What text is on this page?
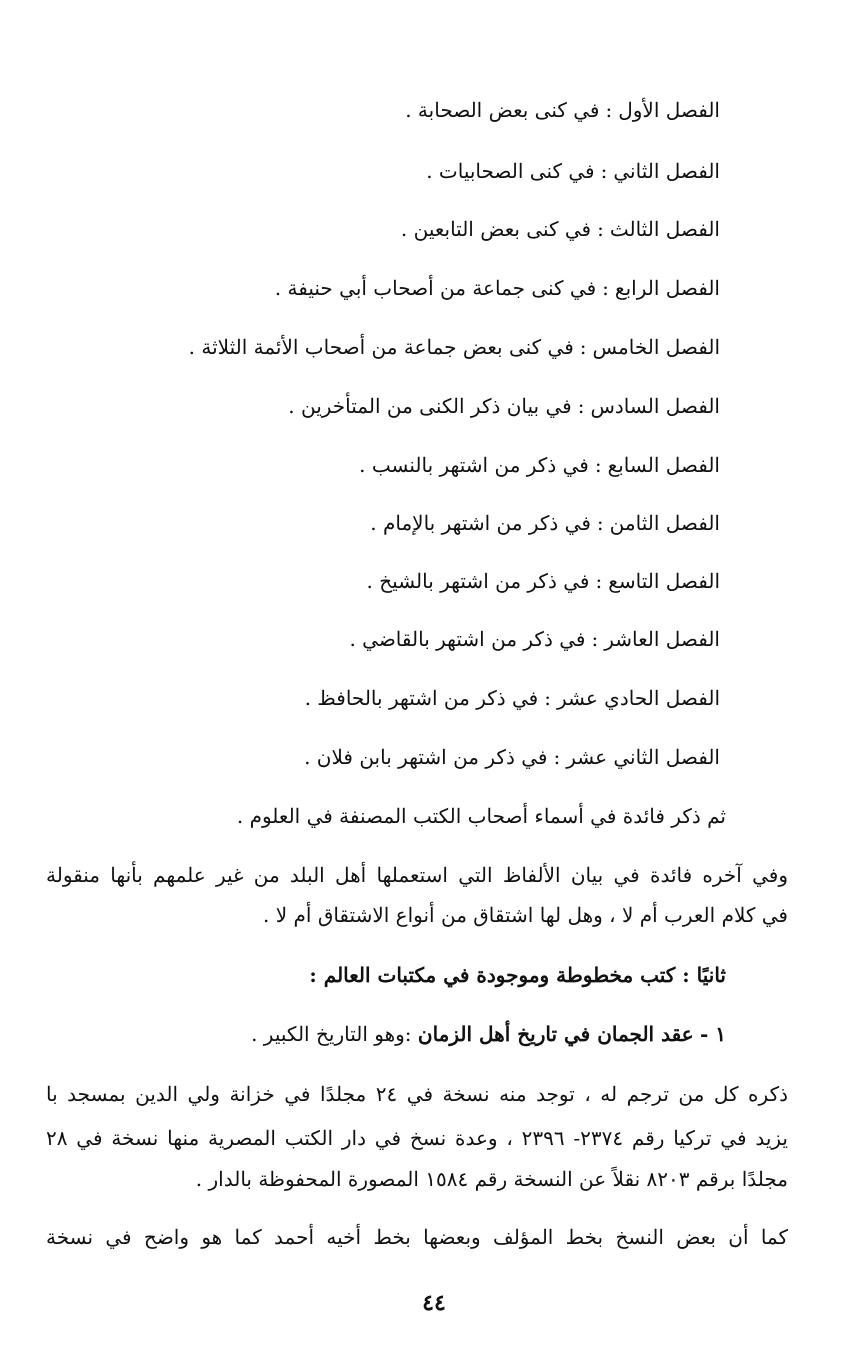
الفصل الأول:في كنى بعض الصحابة .
الفصل الثاني:في كنى الصحابيات .
الفصل الثالث:في كنى بعض التابعين .
الفصل الرابع:في كنى جماعة من أصحاب أبي حنيفة .
الفصل الخامس:في كنى بعض جماعة من أصحاب الأئمة الثلاثة .
الفصل السادس:في بيان ذكر الكنى من المتأخرين .
الفصل السابع:في ذكر من اشتهر بالنسب .
الفصل الثامن:في ذكر من اشتهر بالإمام .
الفصل التاسع:في ذكر من اشتهر بالشيخ .
الفصل العاشر:في ذكر من اشتهر بالقاضي .
الفصل الحادي عشر:في ذكر من اشتهر بالحافظ .
الفصل الثاني عشر:في ذكر من اشتهر بابن فلان .
ثم ذكر فائدة في أسماء أصحاب الكتب المصنفة في العلوم .
وفي آخره فائدة في بيان الألفاظ التي استعملها أهل البلد من غير علمهم بأنها منقولة
في كلام العرب أم لا ، وهل لها اشتقاق من أنواع الاشتقاق أم لا .
ثانيًا : كتب مخطوطة وموجودة في مكتبات العالم :
١ - عقد الجمان في تاريخ أهل الزمان :وهو التاريخ الكبير .
ذكره كل من ترجم له ، توجد منه نسخة في ٢٤ مجلدًا في خزانة ولي الدين بمسجد با
يزيد في تركيا رقم ٢٣٧٤- ٢٣٩٦ ، وعدة نسخ في دار الكتب المصرية منها نسخة في ٢٨
مجلدًا برقم ٨٢٠٣ نقلاً عن النسخة رقم ١٥٨٤ المصورة المحفوظة بالدار .
كما أن بعض النسخ بخط المؤلف وبعضها بخط أخيه أحمد كما هو واضح في نسخة
٤٤
